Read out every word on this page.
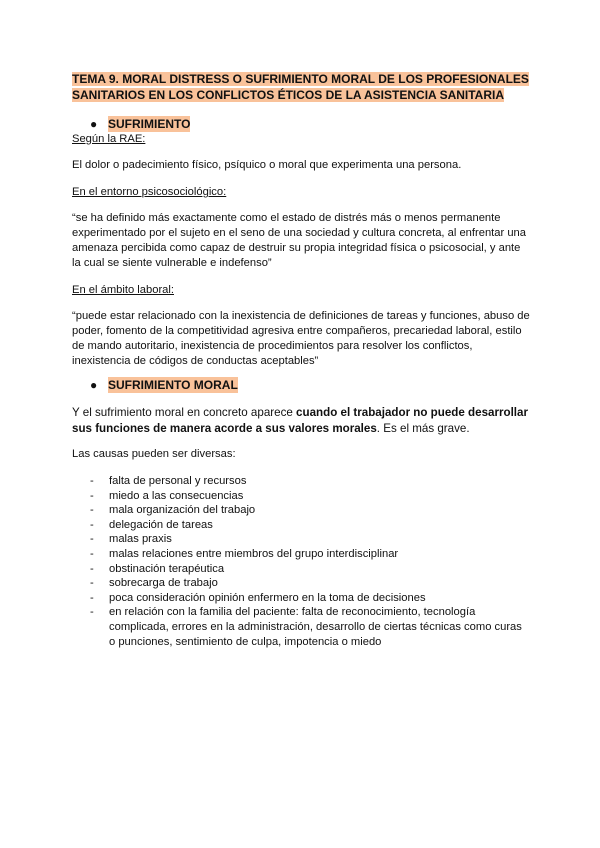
TEMA 9. MORAL DISTRESS O SUFRIMIENTO MORAL DE LOS PROFESIONALES
SANITARIOS EN LOS CONFLICTOS ÉTICOS DE LA ASISTENCIA SANITARIA
● SUFRIMIENTO
Según la RAE:
El dolor o padecimiento físico, psíquico o moral que experimenta una persona.
En el entorno psicosociológico:
“se ha definido más exactamente como el estado de distrés más o menos permanente experimentado por el sujeto en el seno de una sociedad y cultura concreta, al enfrentar una amenaza percibida como capaz de destruir su propia integridad física o psicosocial, y ante la cual se siente vulnerable e indefenso”
En el ámbito laboral:
“puede estar relacionado con la inexistencia de definiciones de tareas y funciones, abuso de poder, fomento de la competitividad agresiva entre compañeros, precariedad laboral, estilo de mando autoritario, inexistencia de procedimientos para resolver los conflictos, inexistencia de códigos de conductas aceptables”
● SUFRIMIENTO MORAL
Y el sufrimiento moral en concreto aparece cuando el trabajador no puede desarrollar sus funciones de manera acorde a sus valores morales. Es el más grave.
Las causas pueden ser diversas:
-	falta de personal y recursos
-	miedo a las consecuencias
-	mala organización del trabajo
-	delegación de tareas
-	malas praxis
-	malas relaciones entre miembros del grupo interdisciplinar
-	obstinación terapéutica
-	sobrecarga de trabajo
-	poca consideración opinión enfermero en la toma de decisiones
-	en relación con la familia del paciente: falta de reconocimiento, tecnología complicada, errores en la administración, desarrollo de ciertas técnicas como curas o punciones, sentimiento de culpa, impotencia o miedo
